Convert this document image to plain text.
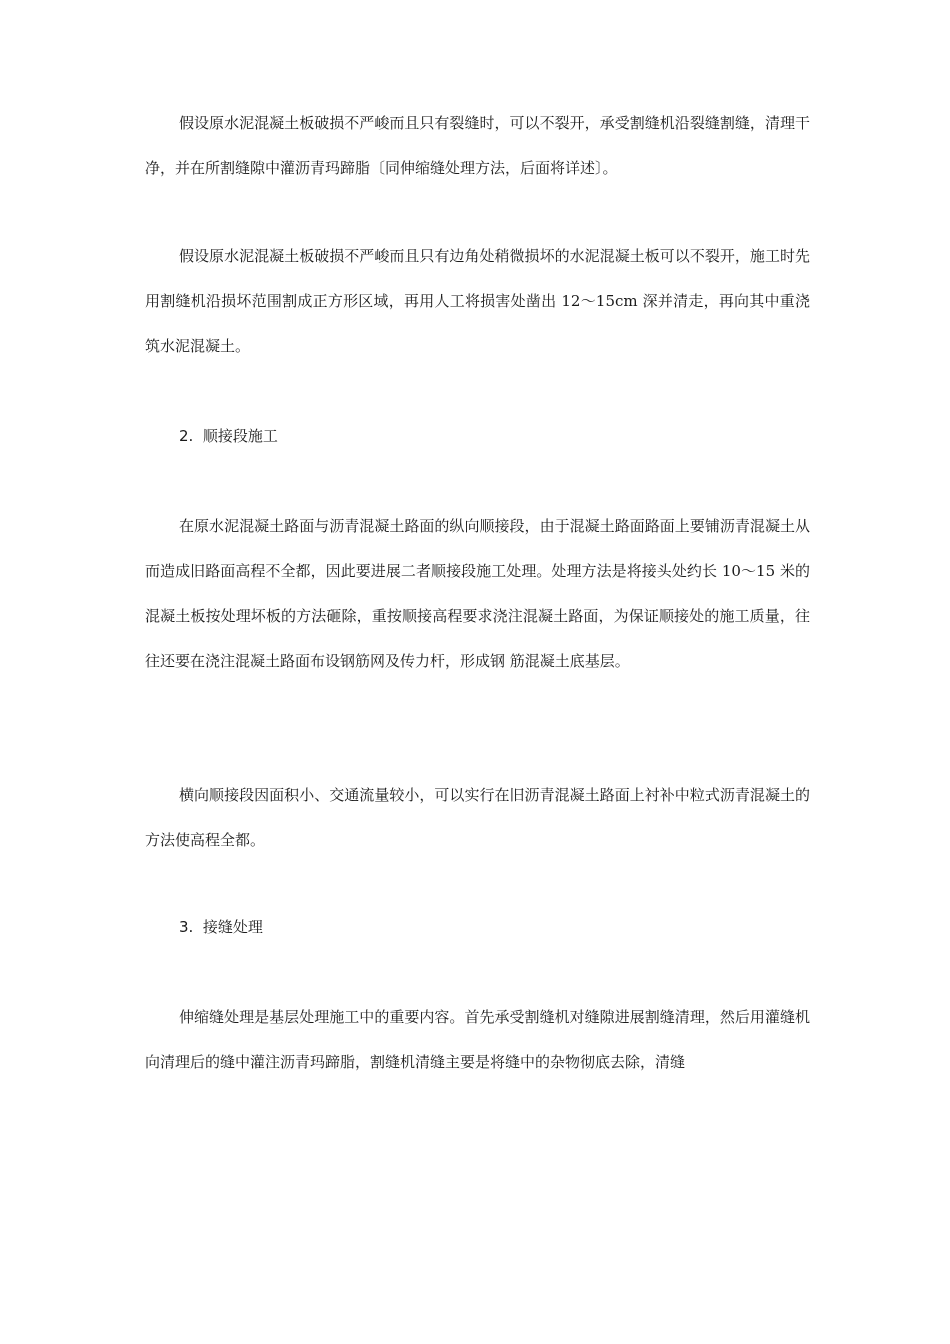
假设原水泥混凝土板破损不严峻而且只有裂缝时，可以不裂开，承受割缝机沿裂缝割缝，清理干净，并在所割缝隙中灌沥青玛蹄脂〔同伸缩缝处理方法，后面将详述〕。

假设原水泥混凝土板破损不严峻而且只有边角处稍微损坏的水泥混凝土板可以不裂开，施工时先用割缝机沿损坏范围割成正方形区域，再用人工将损害处凿出 12～15cm 深并清走，再向其中重浇筑水泥混凝土。

2. 顺接段施工

在原水泥混凝土路面与沥青混凝土路面的纵向顺接段，由于混凝土路面路面上要铺沥青混凝土从而造成旧路面高程不全都，因此要进展二者顺接段施工处理。处理方法是将接头处约长 10～15 米的混凝土板按处理坏板的方法砸除，重按顺接高程要求浇注混凝土路面，为保证顺接处的施工质量，往往还要在浇注混凝土路面布设钢筋网及传力杆，形成钢 筋混凝土底基层。

横向顺接段因面积小、交通流量较小，可以实行在旧沥青混凝土路面上衬补中粒式沥青混凝土的方法使高程全都。

3. 接缝处理

伸缩缝处理是基层处理施工中的重要内容。首先承受割缝机对缝隙进展割缝清理，然后用灌缝机向清理后的缝中灌注沥青玛蹄脂，割缝机清缝主要是将缝中的杂物彻底去除，清缝
